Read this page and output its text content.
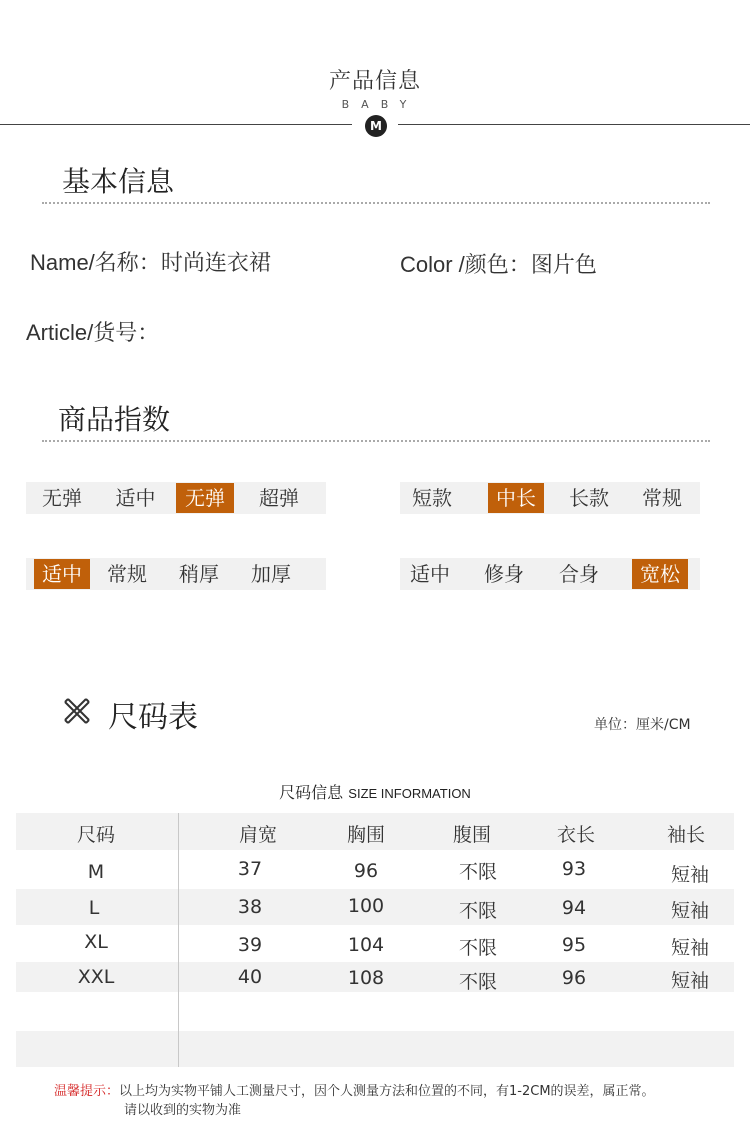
产品信息
BABY
M
基本信息
Name/名称：时尚连衣裙	Color /颜色：图片色
Article/货号：
商品指数
无弹	适中	无弹	超弹	短款	中长	长款	常规
适中	常规	稍厚	加厚	适中	修身	合身	宽松
尺码表	单位：厘米/CM
尺码信息 SIZE INFORMATION
尺码	肩宽	胸围	腹围	衣长	袖长
M	37	96	不限	93	短袖
L	38	100	不限	94	短袖
XL	39	104	不限	95	短袖
XXL	40	108	不限	96	短袖
温馨提示：以上均为实物平铺人工测量尺寸，因个人测量方法和位置的不同，有1-2CM的误差，属正常。
请以收到的实物为准
